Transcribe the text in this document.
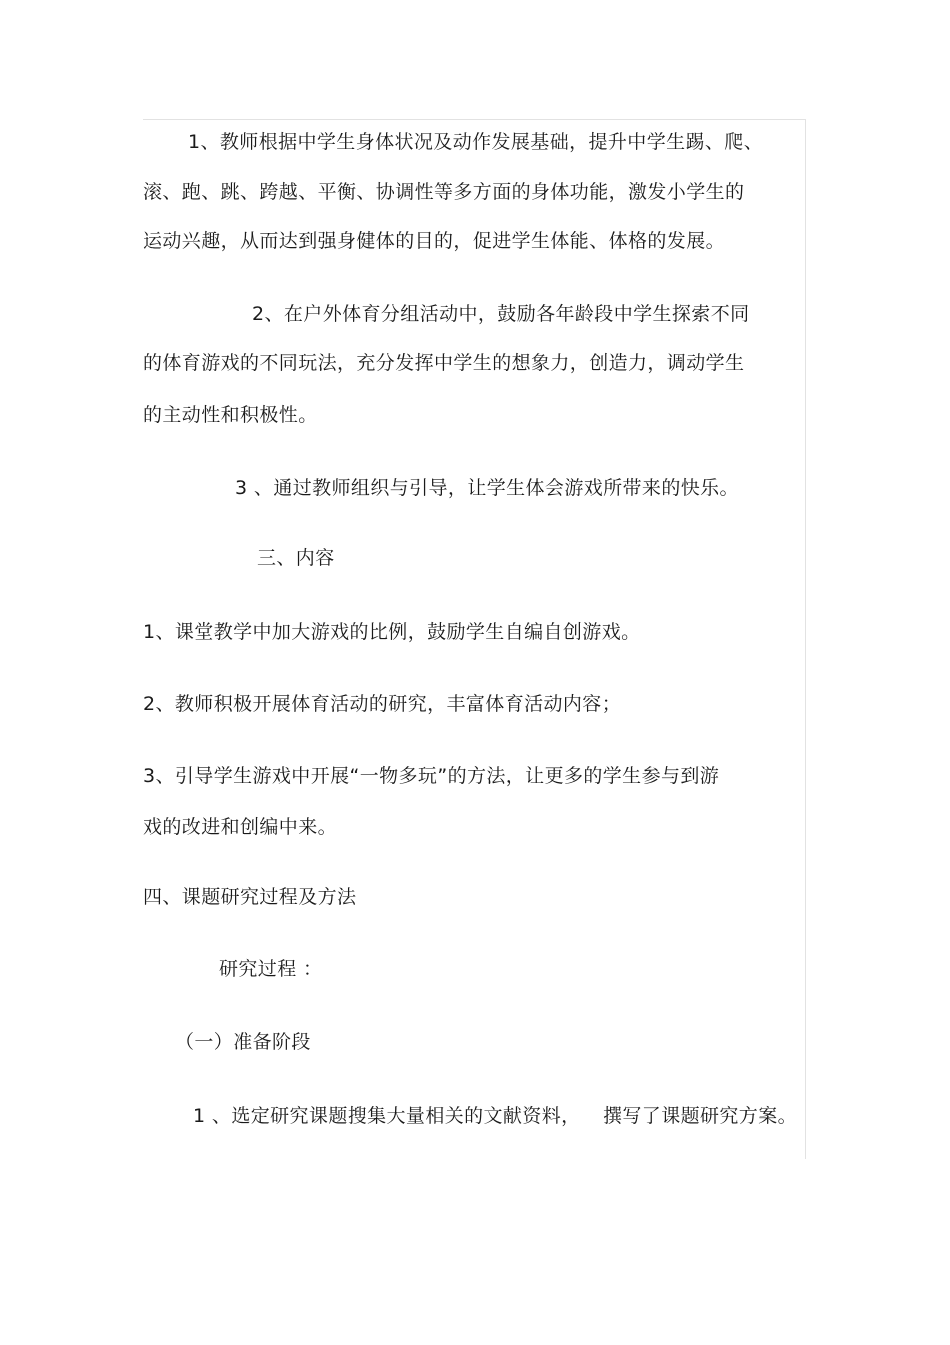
1、教师根据中学生身体状况及动作发展基础，提升中学生踢、爬、
滚、跑、跳、跨越、平衡、协调性等多方面的身体功能，激发小学生的
运动兴趣，从而达到强身健体的目的，促进学生体能、体格的发展。
2、在户外体育分组活动中，鼓励各年龄段中学生探索不同
的体育游戏的不同玩法，充分发挥中学生的想象力，创造力，调动学生
的主动性和积极性。
3 、通过教师组织与引导，让学生体会游戏所带来的快乐。
三、内容
1、课堂教学中加大游戏的比例，鼓励学生自编自创游戏。
2、教师积极开展体育活动的研究，丰富体育活动内容；
3、引导学生游戏中开展“一物多玩”的方法，让更多的学生参与到游
戏的改进和创编中来。
四、课题研究过程及方法
研究过程 ：
（一）准备阶段
1 、选定研究课题搜集大量相关的文献资料， 撰写了课题研究方案。
